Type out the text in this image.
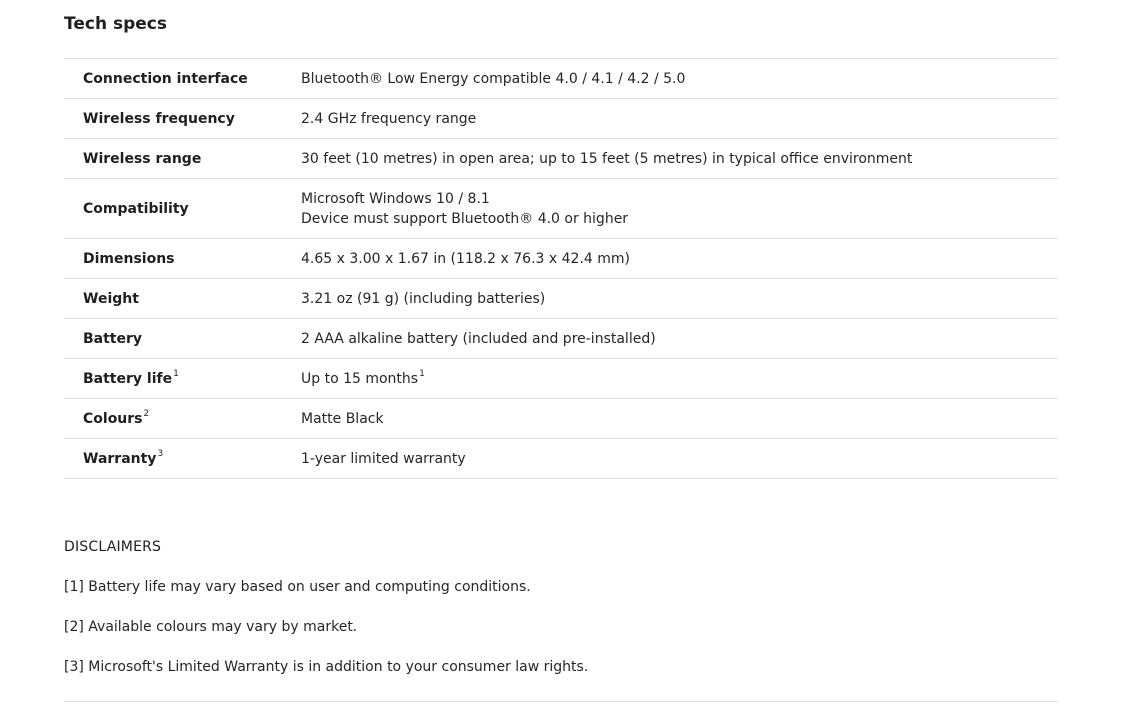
Tech specs
Connection interface	Bluetooth® Low Energy compatible 4.0 / 4.1 / 4.2 / 5.0

Wireless frequency	2.4 GHz frequency range

Wireless range	30 feet (10 metres) in open area; up to 15 feet (5 metres) in typical office environment

Compatibility	Microsoft Windows 10 / 8.1
Device must support Bluetooth® 4.0 or higher

Dimensions	4.65 x 3.00 x 1.67 in (118.2 x 76.3 x 42.4 mm)

Weight	3.21 oz (91 g) (including batteries)

Battery	2 AAA alkaline battery (included and pre-installed)

Battery life$^1$	Up to 15 months$^1$

Colours$^2$	Matte Black

Warranty$^3$	1-year limited warranty
DISCLAIMERS

[1] Battery life may vary based on user and computing conditions.

[2] Available colours may vary by market.

[3] Microsoft's Limited Warranty is in addition to your consumer law rights.
